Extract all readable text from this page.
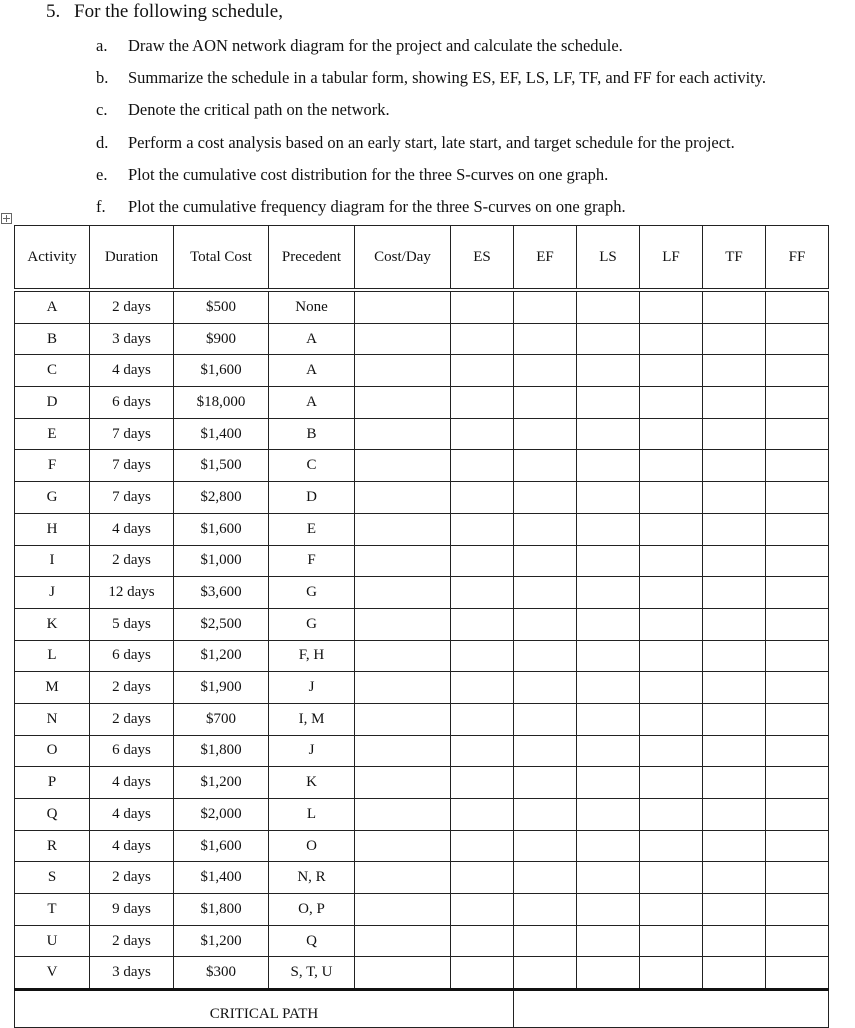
5. For the following schedule,
a. Draw the AON network diagram for the project and calculate the schedule.
b. Summarize the schedule in a tabular form, showing ES, EF, LS, LF, TF, and FF for each activity.
c. Denote the critical path on the network.
d. Perform a cost analysis based on an early start, late start, and target schedule for the project.
e. Plot the cumulative cost distribution for the three S-curves on one graph.
f. Plot the cumulative frequency diagram for the three S-curves on one graph.
Activity	Duration	Total Cost	Precedent	Cost/Day	ES	EF	LS	LF	TF	FF

A	2 days	$500	None							
B	3 days	$900	A							
C	4 days	$1,600	A							
D	6 days	$18,000	A							
E	7 days	$1,400	B							
F	7 days	$1,500	C							
G	7 days	$2,800	D							
H	4 days	$1,600	E							
I	2 days	$1,000	F							
J	12 days	$3,600	G							
K	5 days	$2,500	G							
L	6 days	$1,200	F, H							
M	2 days	$1,900	J							
N	2 days	$700	I, M							
O	6 days	$1,800	J							
P	4 days	$1,200	K							
Q	4 days	$2,000	L							
R	4 days	$1,600	O							
S	2 days	$1,400	N, R							
T	9 days	$1,800	O, P							
U	2 days	$1,200	Q							
V	3 days	$300	S, T, U							
CRITICAL PATH										
